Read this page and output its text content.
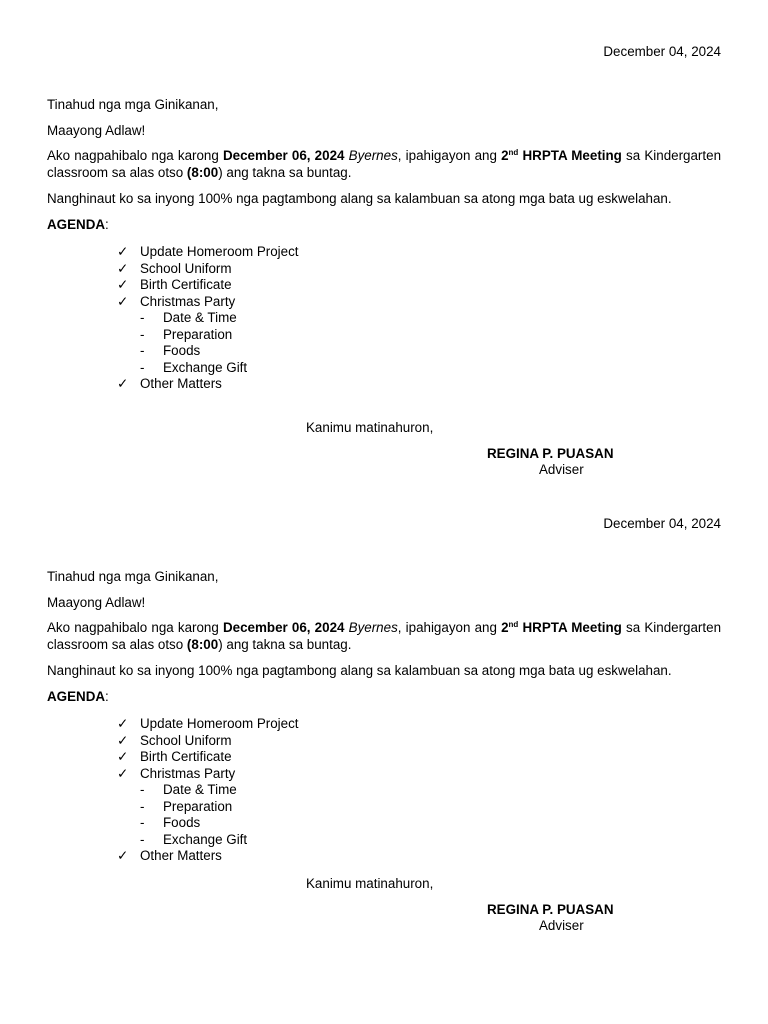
December 04, 2024
Tinahud nga mga Ginikanan,
Maayong Adlaw!
Ako nagpahibalo nga karong December 06, 2024 Byernes, ipahigayon ang 2nd HRPTA Meeting sa Kindergarten classroom sa alas otso (8:00) ang takna sa buntag.
Nanghinaut ko sa inyong 100% nga pagtambong alang sa kalambuan sa atong mga bata ug eskwelahan.
AGENDA:
✓ Update Homeroom Project
✓ School Uniform
✓ Birth Certificate
✓ Christmas Party
- Date & Time
- Preparation
- Foods
- Exchange Gift
✓ Other Matters
Kanimu matinahuron,
REGINA P. PUASAN
Adviser
December 04, 2024
Tinahud nga mga Ginikanan,
Maayong Adlaw!
Ako nagpahibalo nga karong December 06, 2024 Byernes, ipahigayon ang 2nd HRPTA Meeting sa Kindergarten classroom sa alas otso (8:00) ang takna sa buntag.
Nanghinaut ko sa inyong 100% nga pagtambong alang sa kalambuan sa atong mga bata ug eskwelahan.
AGENDA:
✓ Update Homeroom Project
✓ School Uniform
✓ Birth Certificate
✓ Christmas Party
- Date & Time
- Preparation
- Foods
- Exchange Gift
✓ Other Matters
Kanimu matinahuron,
REGINA P. PUASAN
Adviser
